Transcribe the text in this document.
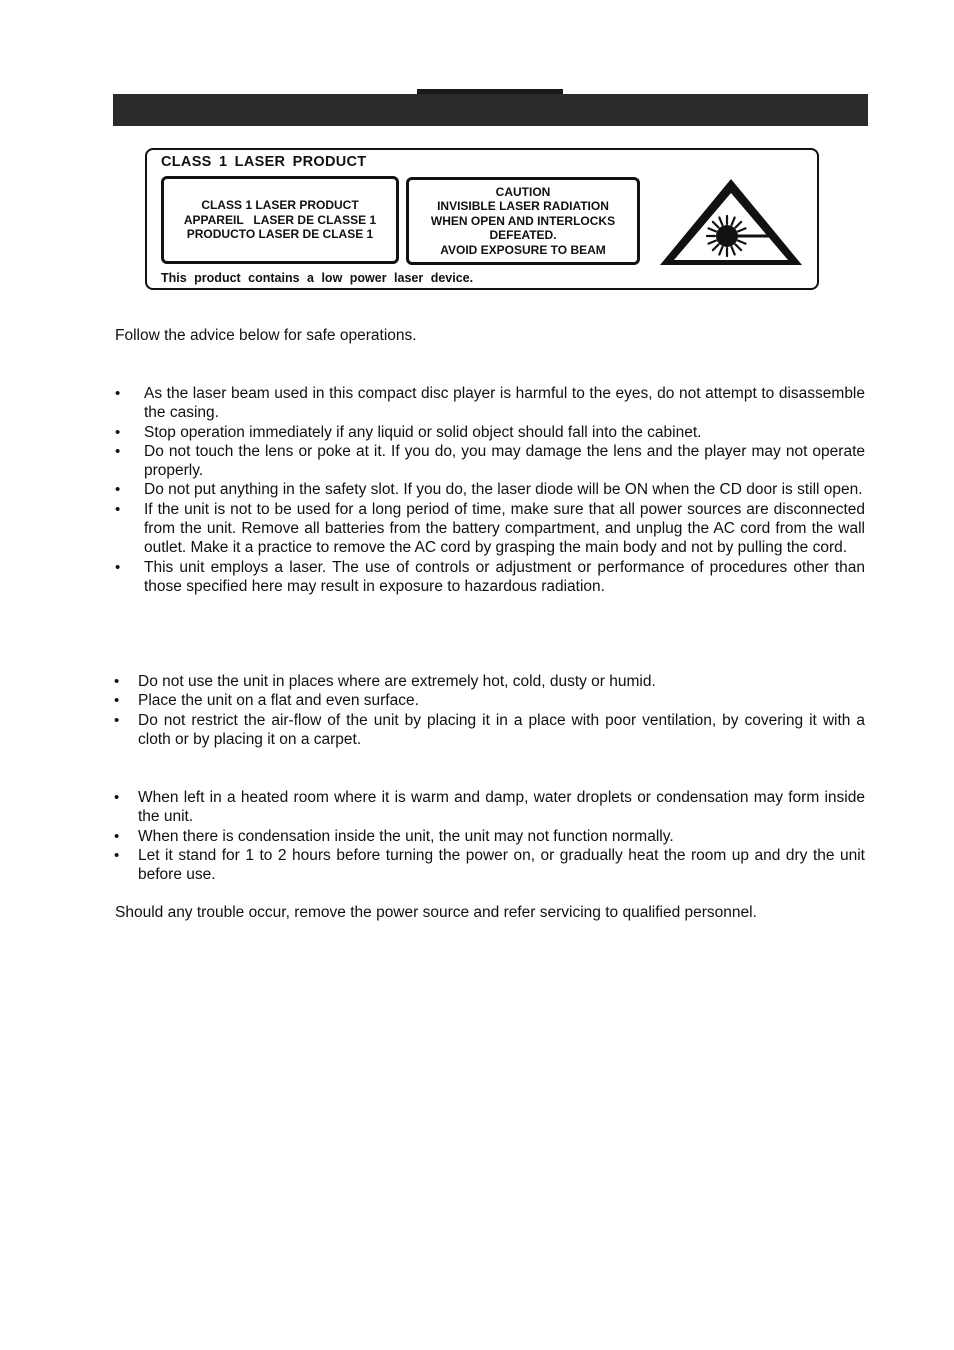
CLASS 1 LASER PRODUCT
CLASS 1 LASER PRODUCT
APPAREIL   LASER DE CLASSE 1
PRODUCTO LASER DE CLASE 1
CAUTION
INVISIBLE LASER RADIATION
WHEN OPEN AND INTERLOCKS
DEFEATED.
AVOID EXPOSURE TO BEAM
This product contains a low power laser device.
Follow the advice below for safe operations.
• As the laser beam used in this compact disc player is harmful to the eyes, do not attempt to disassemble the casing.
• Stop operation immediately if any liquid or solid object should fall into the cabinet.
• Do not touch the lens or poke at it. If you do, you may damage the lens and the player may not operate properly.
• Do not put anything in the safety slot. If you do, the laser diode will be ON when the CD door is still open.
• If the unit is not to be used for a long period of time, make sure that all power sources are disconnected from the unit. Remove all batteries from the battery compartment, and unplug the AC cord from the wall outlet. Make it a practice to remove the AC cord by grasping the main body and not by pulling the cord.
• This unit employs a laser. The use of controls or adjustment or performance of procedures other than those specified here may result in exposure to hazardous radiation.
• Do not use the unit in places where are extremely hot, cold, dusty or humid.
• Place the unit on a flat and even surface.
• Do not restrict the air-flow of the unit by placing it in a place with poor ventilation, by covering it with a cloth or by placing it on a carpet.
• When left in a heated room where it is warm and damp, water droplets or condensation may form inside the unit.
• When there is condensation inside the unit, the unit may not function normally.
• Let it stand for 1 to 2 hours before turning the power on, or gradually heat the room up and dry the unit before use.
Should any trouble occur, remove the power source and refer servicing to qualified personnel.
